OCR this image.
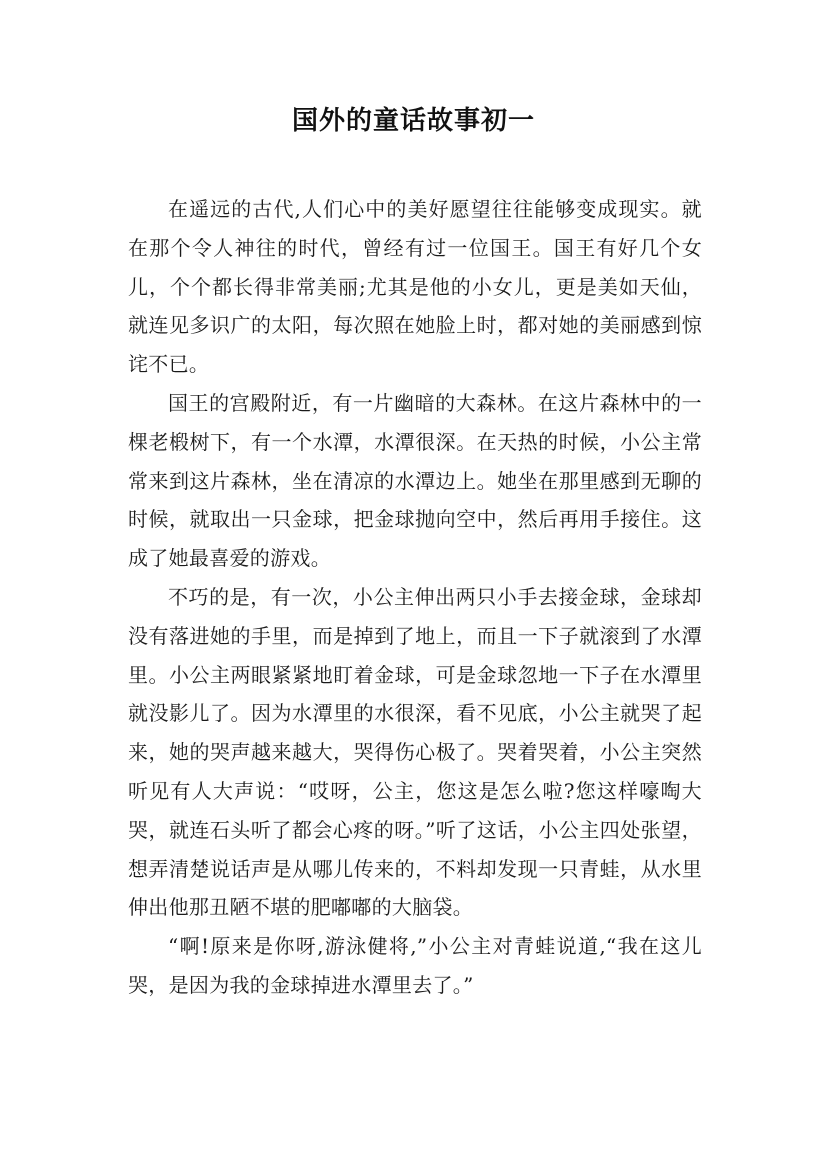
国外的童话故事初一

在遥远的古代,人们心中的美好愿望往往能够变成现实。就在那个令人神往的时代，曾经有过一位国王。国王有好几个女儿，个个都长得非常美丽;尤其是他的小女儿，更是美如天仙，就连见多识广的太阳，每次照在她脸上时，都对她的美丽感到惊诧不已。

国王的宫殿附近，有一片幽暗的大森林。在这片森林中的一棵老椴树下，有一个水潭，水潭很深。在天热的时候，小公主常常来到这片森林，坐在清凉的水潭边上。她坐在那里感到无聊的时候，就取出一只金球，把金球抛向空中，然后再用手接住。这成了她最喜爱的游戏。

不巧的是，有一次，小公主伸出两只小手去接金球，金球却没有落进她的手里，而是掉到了地上，而且一下子就滚到了水潭里。小公主两眼紧紧地盯着金球，可是金球忽地一下子在水潭里就没影儿了。因为水潭里的水很深，看不见底，小公主就哭了起来，她的哭声越来越大，哭得伤心极了。哭着哭着，小公主突然听见有人大声说：“哎呀，公主，您这是怎么啦?您这样嚎啕大哭，就连石头听了都会心疼的呀。”听了这话，小公主四处张望，想弄清楚说话声是从哪儿传来的，不料却发现一只青蛙，从水里伸出他那丑陋不堪的肥嘟嘟的大脑袋。

“啊!原来是你呀,游泳健将,”小公主对青蛙说道,“我在这儿哭，是因为我的金球掉进水潭里去了。”
